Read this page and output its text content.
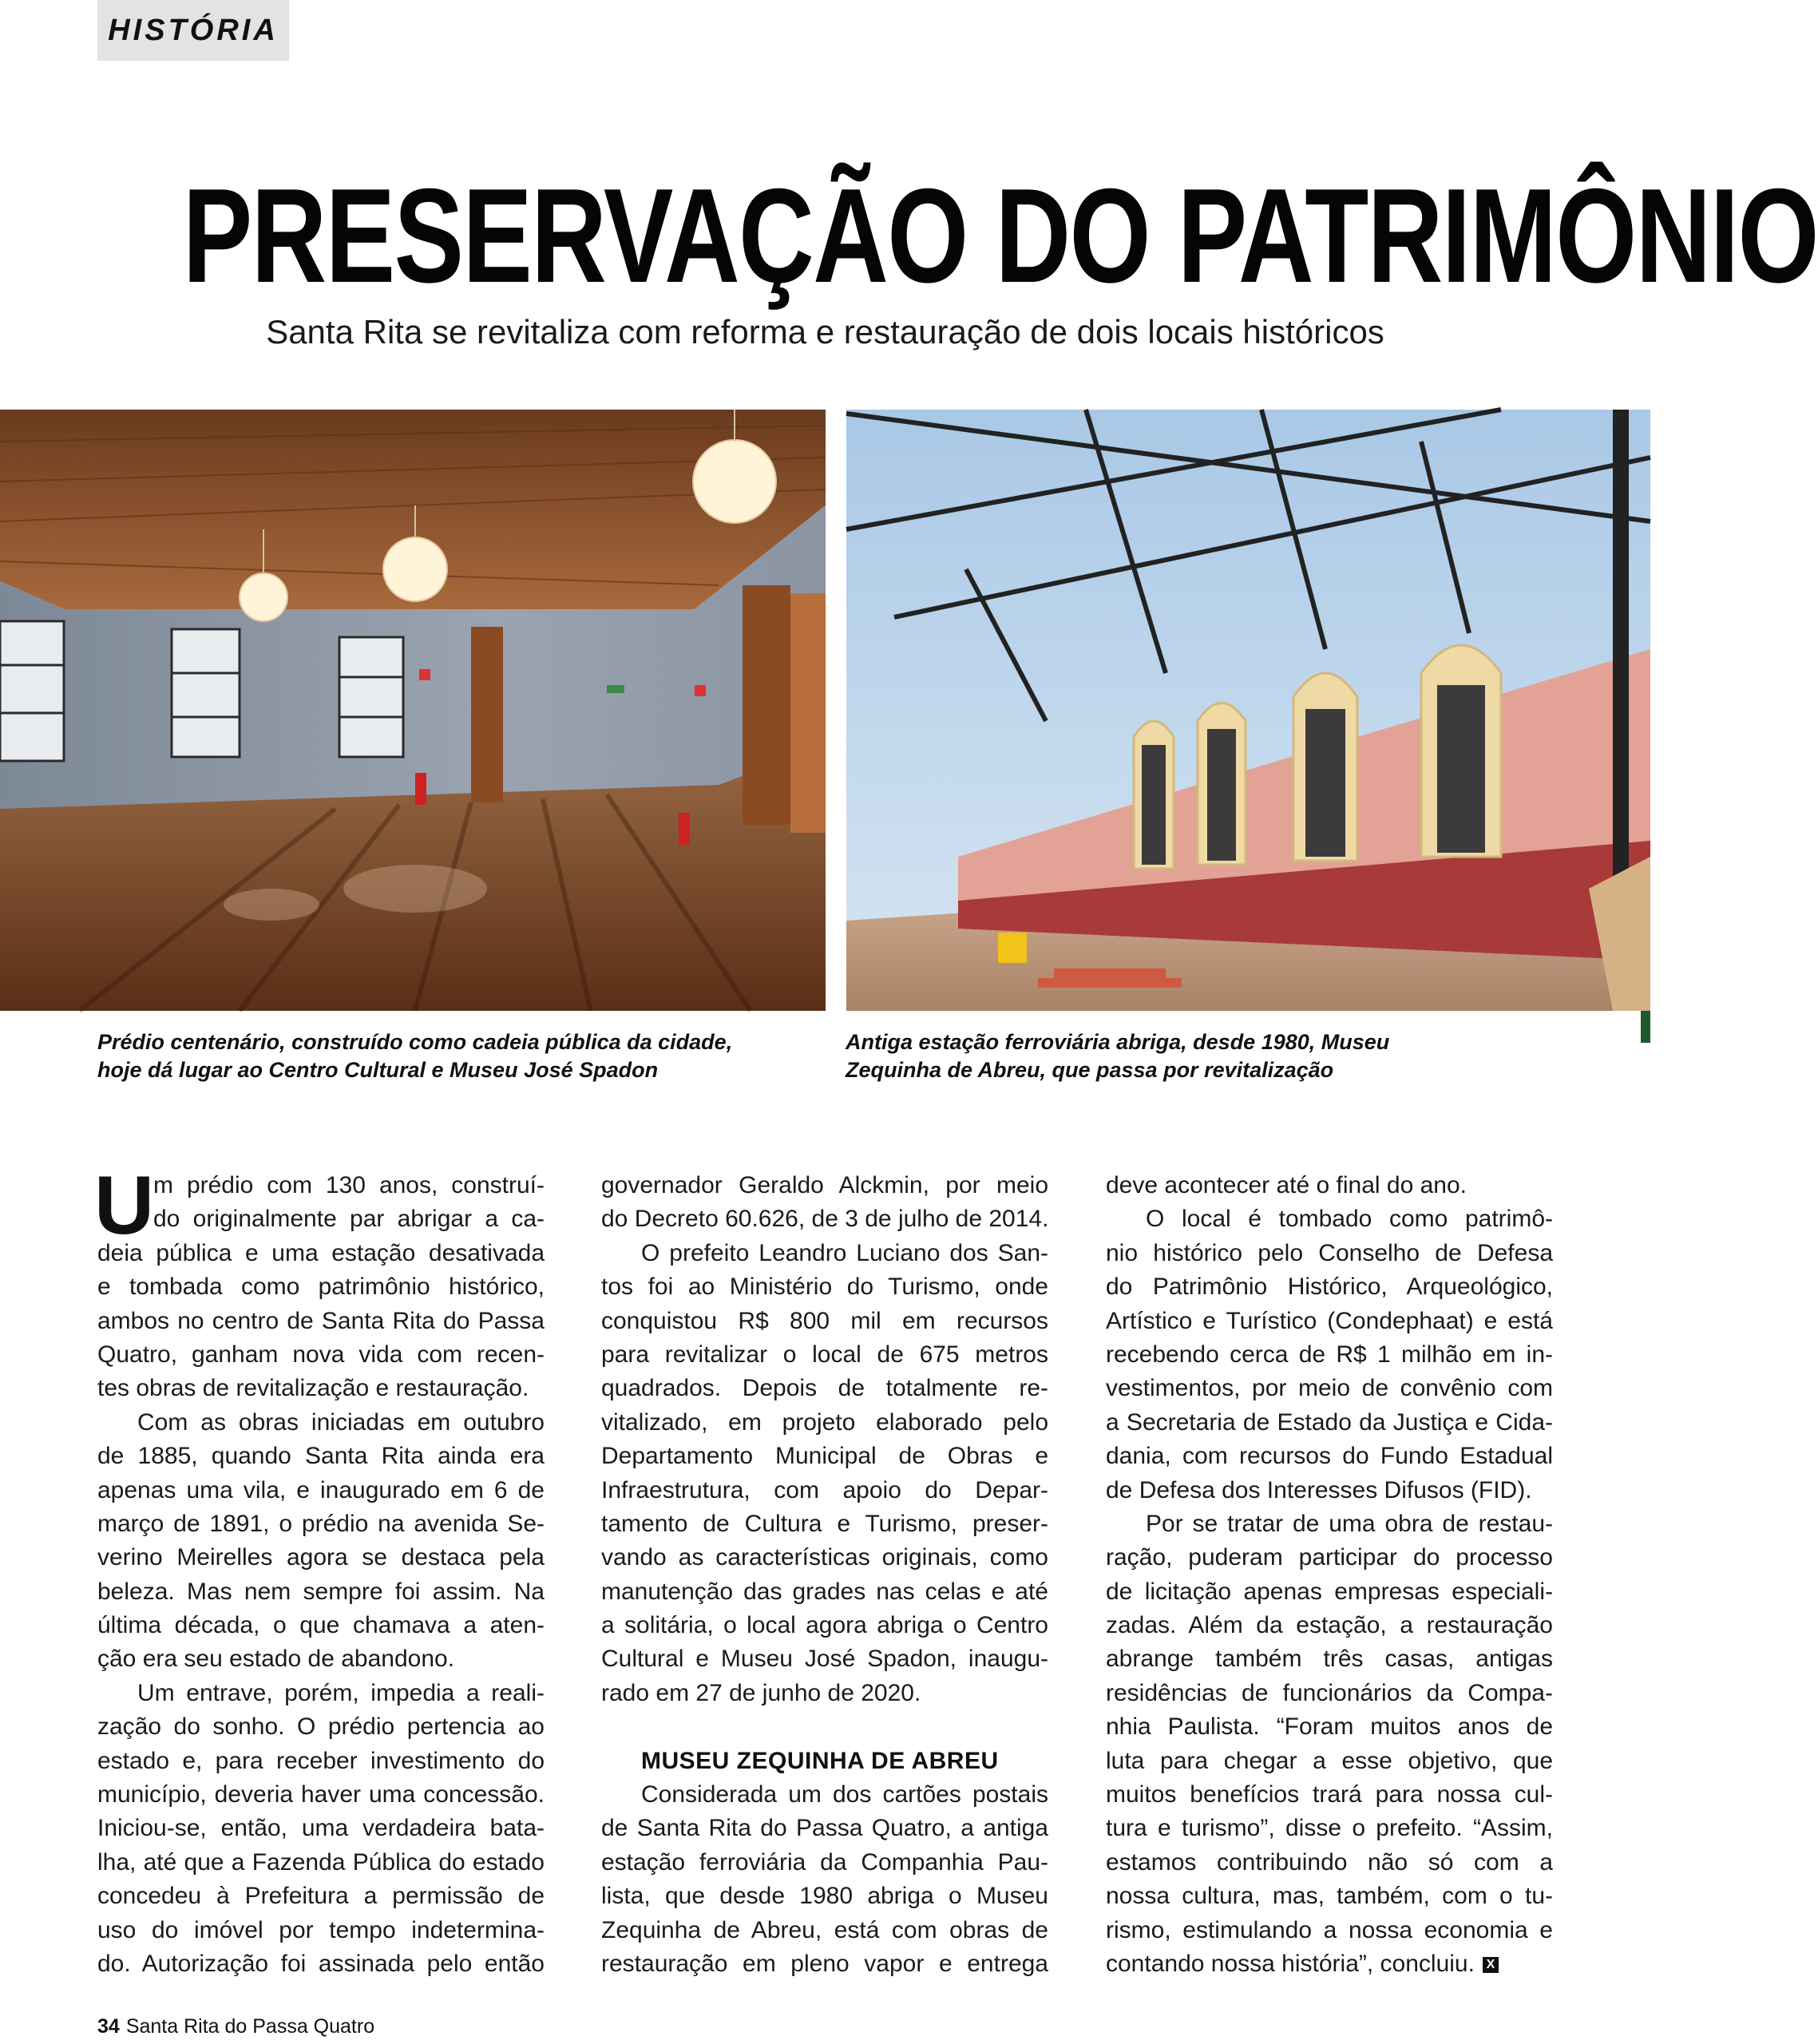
HISTÓRIA
PRESERVAÇÃO DO PATRIMÔNIO
Santa Rita se revitaliza com reforma e restauração de dois locais históricos
Prédio centenário, construído como cadeia pública da cidade,
hoje dá lugar ao Centro Cultural e Museu José Spadon
Antiga estação ferroviária abriga, desde 1980, Museu
Zequinha de Abreu, que passa por revitalização
U
m prédio com 130 anos, construí-
do originalmente par abrigar a ca-
deia pública e uma estação desativada
e tombada como patrimônio histórico,
ambos no centro de Santa Rita do Passa
Quatro, ganham nova vida com recen-
tes obras de revitalização e restauração.
Com as obras iniciadas em outubro
de 1885, quando Santa Rita ainda era
apenas uma vila, e inaugurado em 6 de
março de 1891, o prédio na avenida Se-
verino Meirelles agora se destaca pela
beleza. Mas nem sempre foi assim. Na
última década, o que chamava a aten-
ção era seu estado de abandono.
Um entrave, porém, impedia a reali-
zação do sonho. O prédio pertencia ao
estado e, para receber investimento do
município, deveria haver uma concessão.
Iniciou-se, então, uma verdadeira bata-
lha, até que a Fazenda Pública do estado
concedeu à Prefeitura a permissão de
uso do imóvel por tempo indetermina-
do. Autorização foi assinada pelo então
governador Geraldo Alckmin, por meio
do Decreto 60.626, de 3 de julho de 2014.
O prefeito Leandro Luciano dos San-
tos foi ao Ministério do Turismo, onde
conquistou R$ 800 mil em recursos
para revitalizar o local de 675 metros
quadrados. Depois de totalmente re-
vitalizado, em projeto elaborado pelo
Departamento Municipal de Obras e
Infraestrutura, com apoio do Depar-
tamento de Cultura e Turismo, preser-
vando as características originais, como
manutenção das grades nas celas e até
a solitária, o local agora abriga o Centro
Cultural e Museu José Spadon, inaugu-
rado em 27 de junho de 2020.
MUSEU ZEQUINHA DE ABREU
Considerada um dos cartões postais
de Santa Rita do Passa Quatro, a antiga
estação ferroviária da Companhia Pau-
lista, que desde 1980 abriga o Museu
Zequinha de Abreu, está com obras de
restauração em pleno vapor e entrega
deve acontecer até o final do ano.
O local é tombado como patrimô-
nio histórico pelo Conselho de Defesa
do Patrimônio Histórico, Arqueológico,
Artístico e Turístico (Condephaat) e está
recebendo cerca de R$ 1 milhão em in-
vestimentos, por meio de convênio com
a Secretaria de Estado da Justiça e Cida-
dania, com recursos do Fundo Estadual
de Defesa dos Interesses Difusos (FID).
Por se tratar de uma obra de restau-
ração, puderam participar do processo
de licitação apenas empresas especiali-
zadas. Além da estação, a restauração
abrange também três casas, antigas
residências de funcionários da Compa-
nhia Paulista. “Foram muitos anos de
luta para chegar a esse objetivo, que
muitos benefícios trará para nossa cul-
tura e turismo”, disse o prefeito. “Assim,
estamos contribuindo não só com a
nossa cultura, mas, também, com o tu-
rismo, estimulando a nossa economia e
contando nossa história”, concluiu. X
34 Santa Rita do Passa Quatro
